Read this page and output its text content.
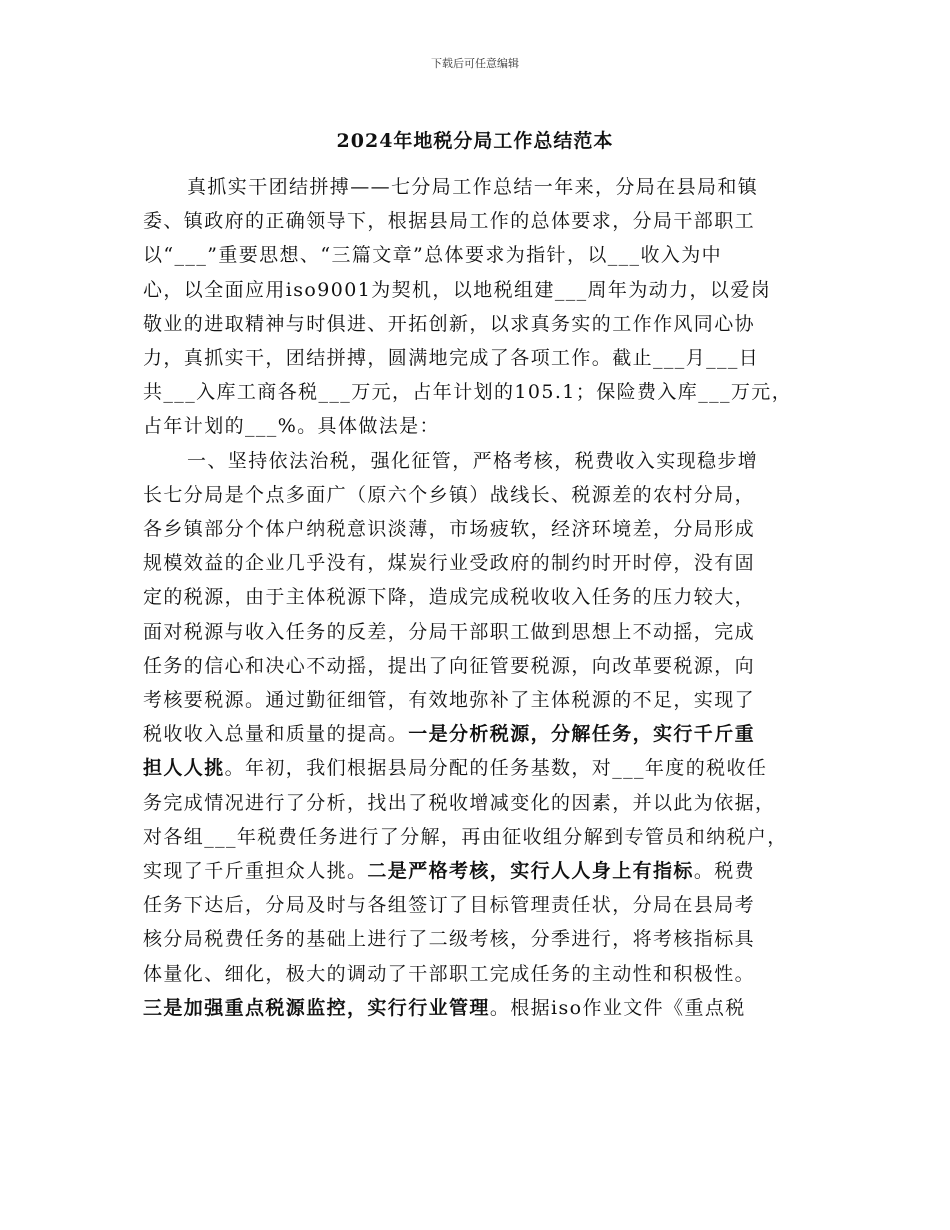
下载后可任意编辑
2024年地税分局工作总结范本
真抓实干团结拼搏——七分局工作总结一年来，分局在县局和镇
委、镇政府的正确领导下，根据县局工作的总体要求，分局干部职工
以“___”重要思想、“三篇文章”总体要求为指针，以___收入为中
心，以全面应用iso9001为契机，以地税组建___周年为动力，以爱岗
敬业的进取精神与时俱进、开拓创新，以求真务实的工作作风同心协
力，真抓实干，团结拼搏，圆满地完成了各项工作。截止___月___日
共___入库工商各税___万元，占年计划的105.1；保险费入库___万元，
占年计划的___%。具体做法是：
一、坚持依法治税，强化征管，严格考核，税费收入实现稳步增
长七分局是个点多面广（原六个乡镇）战线长、税源差的农村分局，
各乡镇部分个体户纳税意识淡薄，市场疲软，经济环境差，分局形成
规模效益的企业几乎没有，煤炭行业受政府的制约时开时停，没有固
定的税源，由于主体税源下降，造成完成税收收入任务的压力较大，
面对税源与收入任务的反差，分局干部职工做到思想上不动摇，完成
任务的信心和决心不动摇，提出了向征管要税源，向改革要税源，向
考核要税源。通过勤征细管，有效地弥补了主体税源的不足，实现了
税收收入总量和质量的提高。一是分析税源，分解任务，实行千斤重
担人人挑。年初，我们根据县局分配的任务基数，对___年度的税收任
务完成情况进行了分析，找出了税收增减变化的因素，并以此为依据，
对各组___年税费任务进行了分解，再由征收组分解到专管员和纳税户，
实现了千斤重担众人挑。二是严格考核，实行人人身上有指标。税费
任务下达后，分局及时与各组签订了目标管理责任状，分局在县局考
核分局税费任务的基础上进行了二级考核，分季进行，将考核指标具
体量化、细化，极大的调动了干部职工完成任务的主动性和积极性。
三是加强重点税源监控，实行行业管理。根据iso作业文件《重点税
